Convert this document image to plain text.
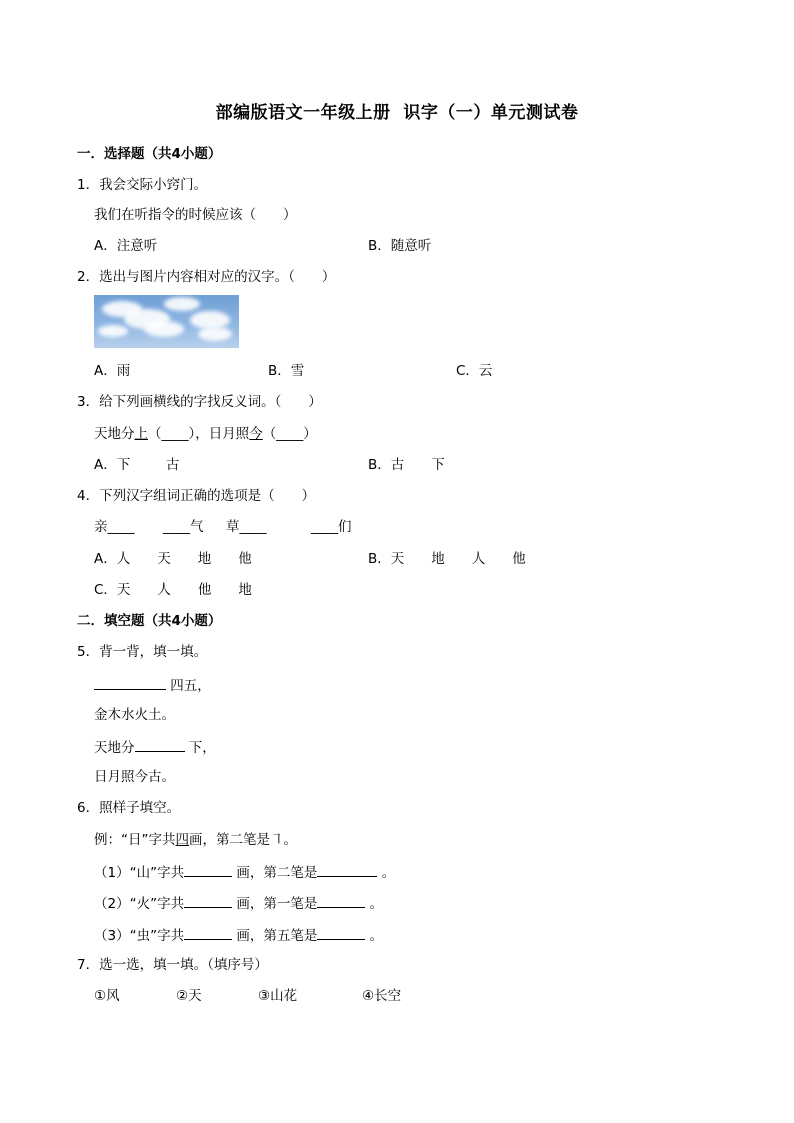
部编版语文一年级上册  识字（一）单元测试卷
一．选择题（共4小题）
1．我会交际小窍门。
我们在听指令的时候应该（　　）
A．注意听	B．随意听
2．选出与图片内容相对应的汉字。（　　）
A．雨	B．雪	C．云
3．给下列画横线的字找反义词。（　　）
天地分上（____），日月照今（____）
A．下　　  古	B．古　　下
4．下列汉字组词正确的选项是（　　）
亲____ ____气 草____	____们
A．人　　天　　地　　他	B．天　　地　　人　　他
C．天　　人　　他　　地
二．填空题（共4小题）
5．背一背，填一填。
四五，
金木水火土。
天地分	下，
日月照今古。
6．照样子填空。
例：“日”字共四画，第二笔是㇕。
（1）“山”字共	画，第二笔是	。
（2）“火”字共	画，第一笔是	。
（3）“虫”字共	画，第五笔是	。
7．选一选，填一填。（填序号）
①风	②天	③山花	④长空
